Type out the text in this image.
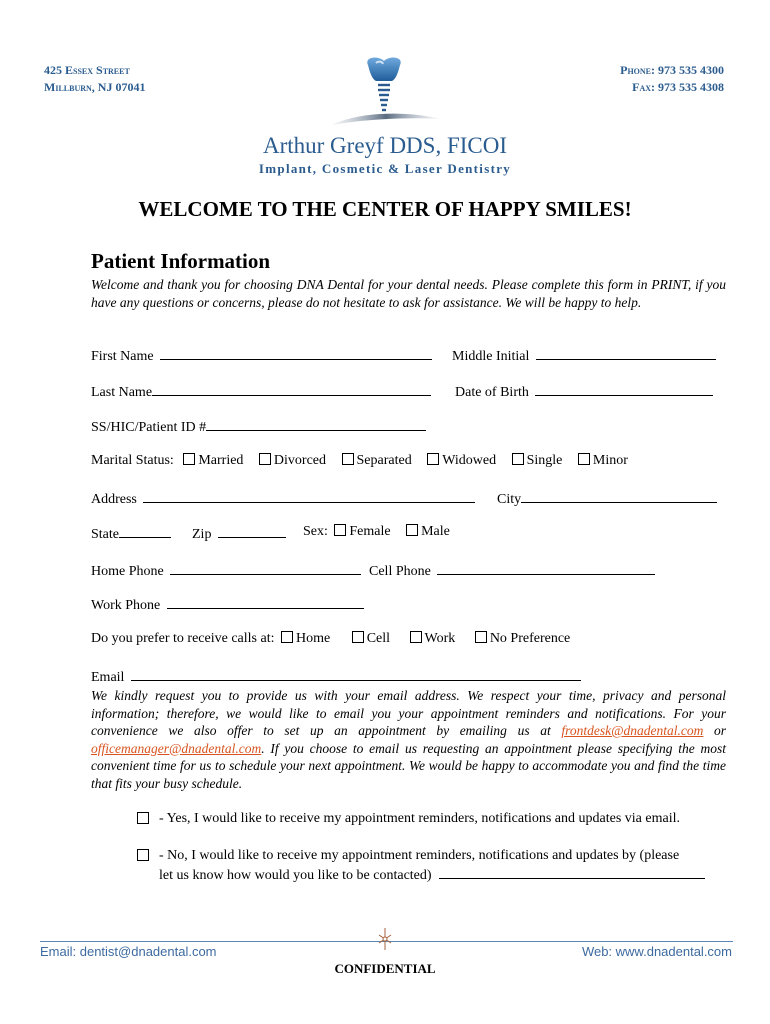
425 Essex Street
Millburn, NJ 07041
Phone: 973 535 4300
Fax: 973 535 4308
Arthur Greyf DDS, FICOI
Implant, Cosmetic & Laser Dentistry
WELCOME TO THE CENTER OF HAPPY SMILES!
Patient Information
Welcome and thank you for choosing DNA Dental for your dental needs. Please complete this form in PRINT, if you have any questions or concerns, please do not hesitate to ask for assistance. We will be happy to help.
First Name	Middle Initial
Last Name	Date of Birth
SS/HIC/Patient ID #
Marital Status: Married Divorced Separated Widowed Single Minor
Address	City
State	Zip	Sex: Female Male
Home Phone	Cell Phone
Work Phone
Do you prefer to receive calls at: Home	Cell Work No Preference
Email
We kindly request you to provide us with your email address. We respect your time, privacy and personal information; therefore, we would like to email you your appointment reminders and notifications. For your convenience we also offer to set up an appointment by emailing us at frontdesk@dnadental.com or officemanager@dnadental.com. If you choose to email us requesting an appointment please specifying the most convenient time for us to schedule your next appointment. We would be happy to accommodate you and find the time that fits your busy schedule.
- Yes, I would like to receive my appointment reminders, notifications and updates via email.
- No, I would like to receive my appointment reminders, notifications and updates by (please
let us know how would you like to be contacted)
Email: dentist@dnadental.com	Web: www.dnadental.com
CONFIDENTIAL
